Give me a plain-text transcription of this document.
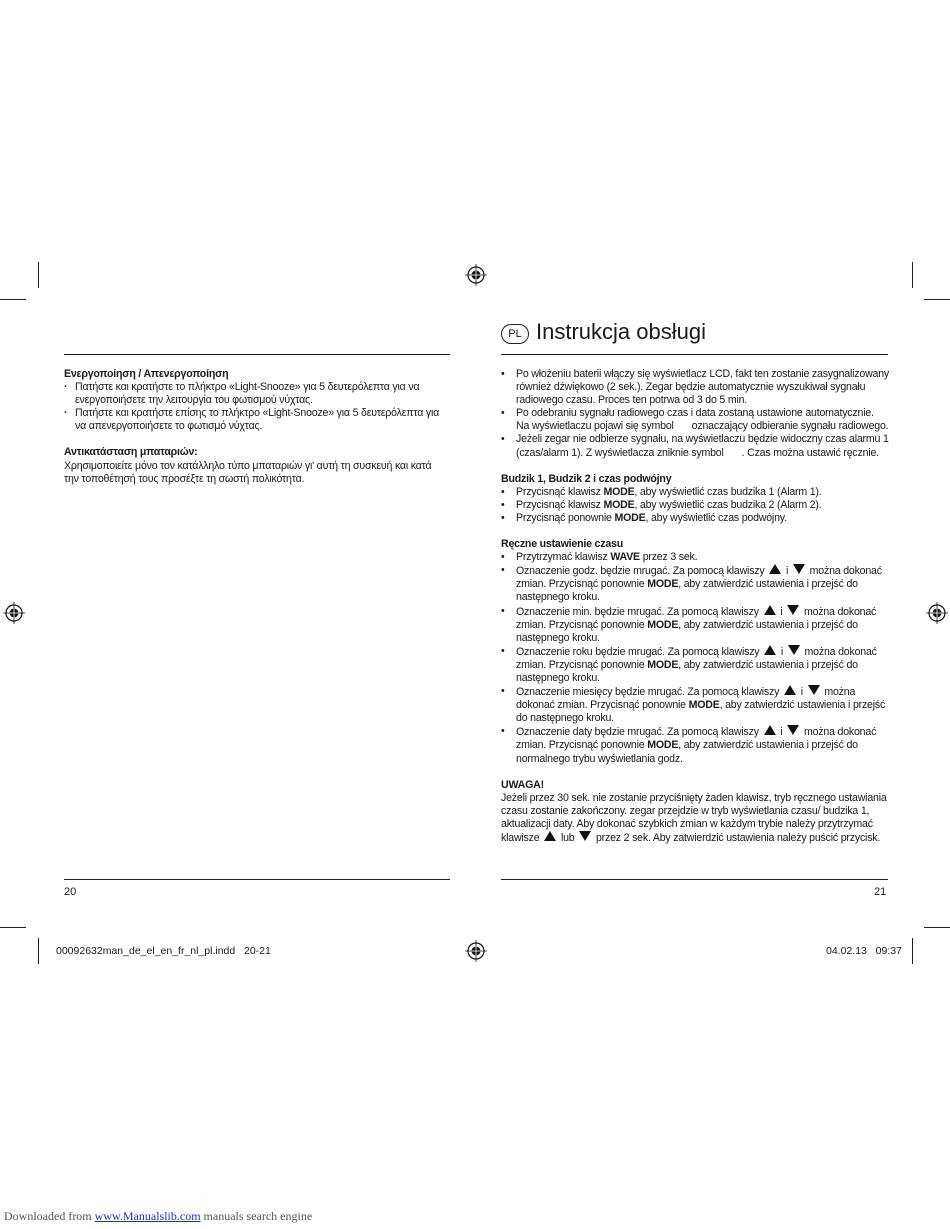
PL Instrukcja obsługi

Ενεργοποίηση / Απενεργοποίηση

· Πατήστε και κρατήστε το πλήκτρο «Light-Snooze» για 5 δευτερόλεπτα για να ενεργοποιήσετε την λειτουργία του φωτισμού νύχτας.
· Πατήστε και κρατήστε επίσης το πλήκτρο «Light-Snooze» για 5 δευτερόλεπτα για να απενεργοποιήσετε το φωτισμό νύχτας.

Αντικατάσταση μπαταριών:

Χρησιμοποιείτε μόνο τον κατάλληλο τύπο μπαταριών γι' αυτή τη συσκευή και κατά την τοποθέτησή τους προσέξτε τη σωστή πολικότητα.

• Po włożeniu baterii włączy się wyświetlacz LCD, fakt ten zostanie zasygnalizowany również dźwiękowo (2 sek.). Zegar będzie automatycznie wyszukiwał sygnału radiowego czasu. Proces ten potrwa od 3 do 5 min.
• Po odebraniu sygnału radiowego czas i data zostaną ustawione automatycznie. Na wyświetlaczu pojawi się symbol oznaczający odbieranie sygnału radiowego.
• Jeżeli zegar nie odbierze sygnału, na wyświetlaczu będzie widoczny czas alarmu 1 (czas/alarm 1). Z wyświetlacza zniknie symbol . Czas można ustawić ręcznie.

Budzik 1, Budzik 2 i czas podwójny

• Przycisnąć klawisz MODE, aby wyświetlić czas budzika 1 (Alarm 1).
• Przycisnąć klawisz MODE, aby wyświetlić czas budzika 2 (Alarm 2).
• Przycisnąć ponownie MODE, aby wyświetlić czas podwójny.

Ręczne ustawienie czasu

• Przytrzymać klawisz WAVE przez 3 sek.
• Oznaczenie godz. będzie mrugać. Za pomocą klawiszy i można dokonać zmian. Przycisnąć ponownie MODE, aby zatwierdzić ustawienia i przejść do następnego kroku.
• Oznaczenie min. będzie mrugać. Za pomocą klawiszy i można dokonać zmian. Przycisnąć ponownie MODE, aby zatwierdzić ustawienia i przejść do następnego kroku.
• Oznaczenie roku będzie mrugać. Za pomocą klawiszy i można dokonać zmian. Przycisnąć ponownie MODE, aby zatwierdzić ustawienia i przejść do następnego kroku.
• Oznaczenie miesięcy będzie mrugać. Za pomocą klawiszy i można dokonać zmian. Przycisnąć ponownie MODE, aby zatwierdzić ustawienia i przejść do następnego kroku.
• Oznaczenie daty będzie mrugać. Za pomocą klawiszy i można dokonać zmian. Przycisnąć ponownie MODE, aby zatwierdzić ustawienia i przejść do normalnego trybu wyświetlania godz.

UWAGA!

Jeżeli przez 30 sek. nie zostanie przyciśnięty żaden klawisz, tryb ręcznego ustawiania czasu zostanie zakończony. zegar przejdzie w tryb wyświetlania czasu/ budzika 1, aktualizacji daty. Aby dokonać szybkich zmian w każdym trybie należy przytrzymać klawisze lub przez 2 sek. Aby zatwierdzić ustawienia należy puścić przycisk.

20	21
00092632man_de_el_en_fr_nl_pl.indd   20-21	04.02.13   09:37
Downloaded from www.Manualslib.com manuals search engine
